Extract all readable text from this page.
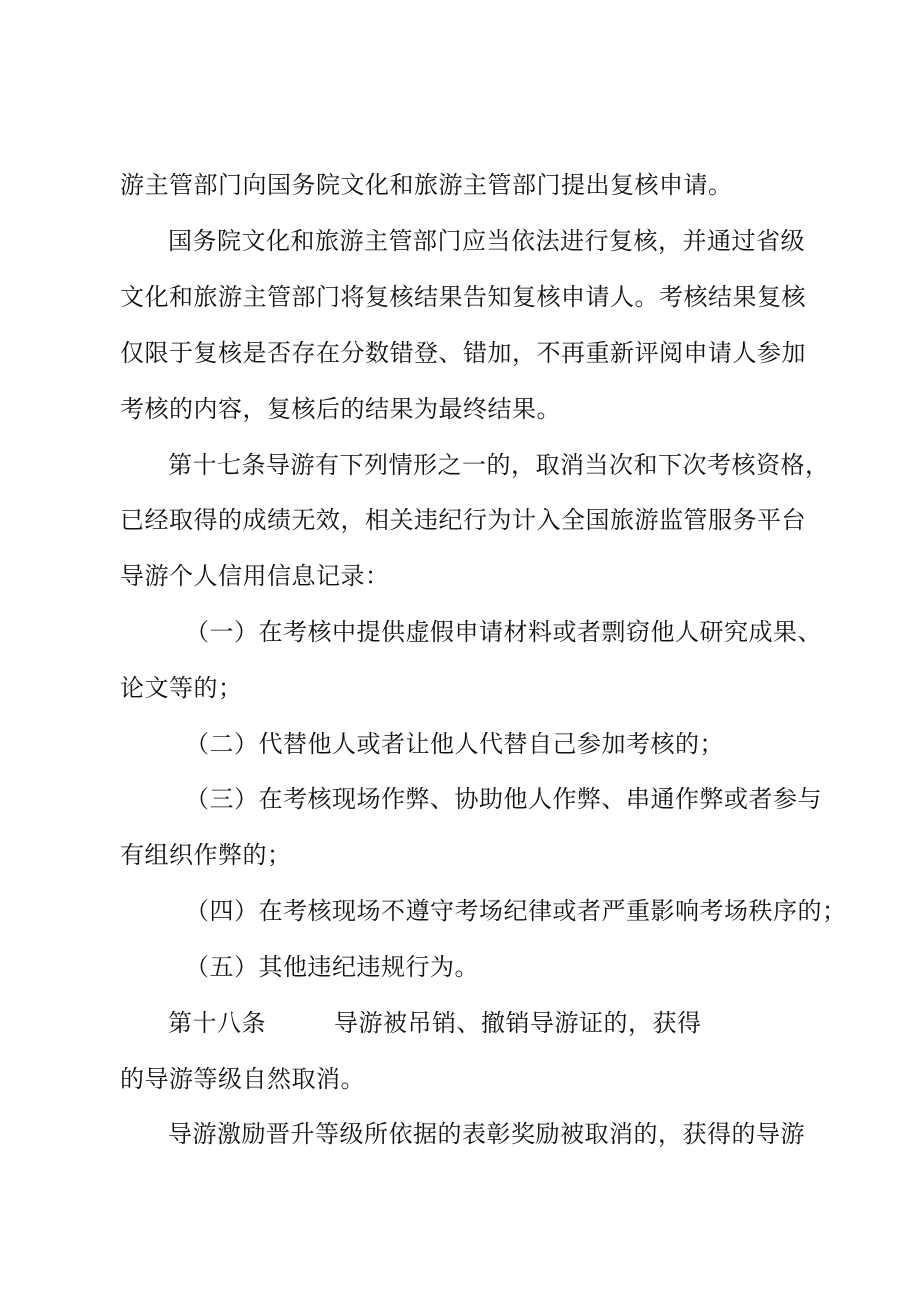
游主管部门向国务院文化和旅游主管部门提出复核申请。
国务院文化和旅游主管部门应当依法进行复核，并通过省级
文化和旅游主管部门将复核结果告知复核申请人。考核结果复核
仅限于复核是否存在分数错登、错加，不再重新评阅申请人参加
考核的内容，复核后的结果为最终结果。
第十七条导游有下列情形之一的，取消当次和下次考核资格，
已经取得的成绩无效，相关违纪行为计入全国旅游监管服务平台
导游个人信用信息记录：
（一）在考核中提供虚假申请材料或者剽窃他人研究成果、
论文等的；
（二）代替他人或者让他人代替自己参加考核的；
（三）在考核现场作弊、协助他人作弊、串通作弊或者参与
有组织作弊的；
（四）在考核现场不遵守考场纪律或者严重影响考场秩序的；
（五）其他违纪违规行为。
第十八条	导游被吊销、撤销导游证的，获得
的导游等级自然取消。
导游激励晋升等级所依据的表彰奖励被取消的，获得的导游
